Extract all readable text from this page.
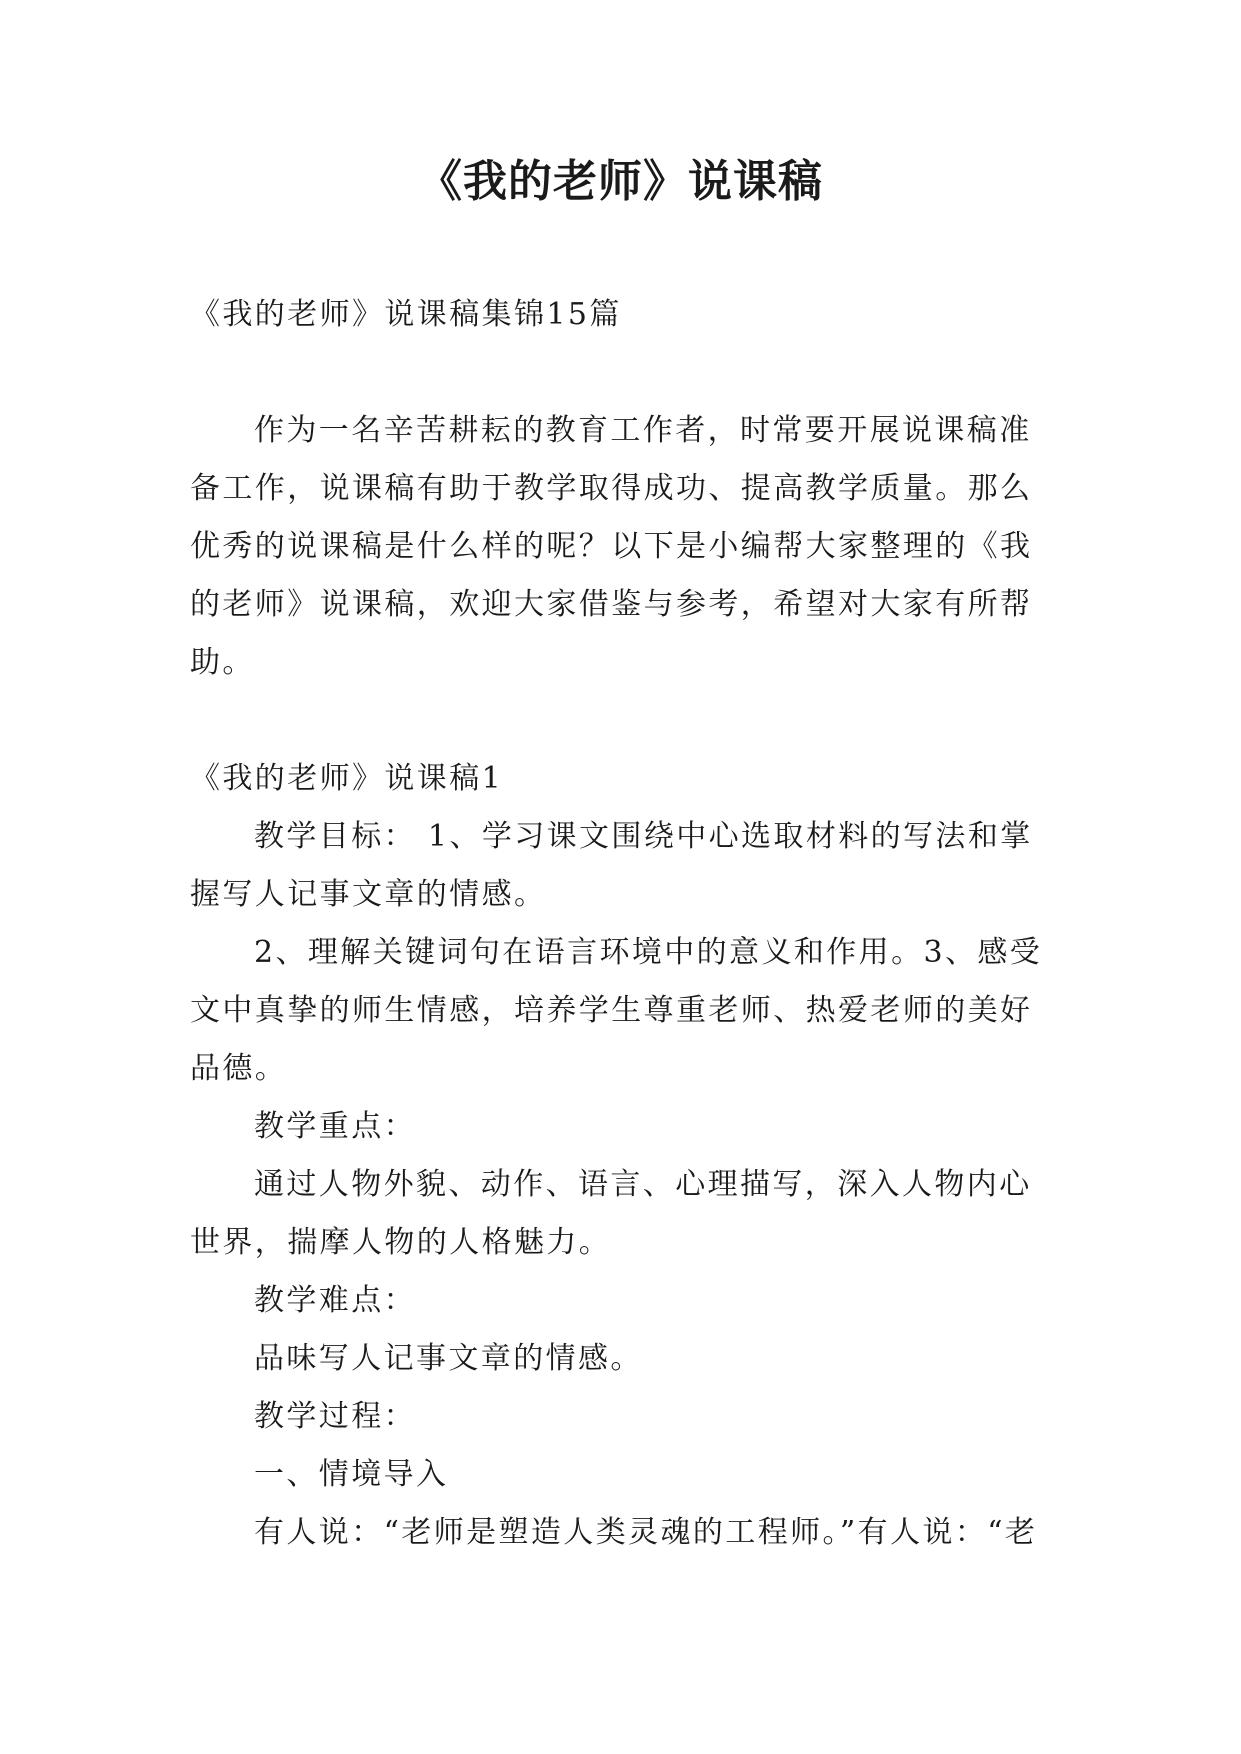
《我的老师》说课稿
《我的老师》说课稿集锦15篇
作为一名辛苦耕耘的教育工作者，时常要开展说课稿准
备工作，说课稿有助于教学取得成功、提高教学质量。那么
优秀的说课稿是什么样的呢？以下是小编帮大家整理的《我
的老师》说课稿，欢迎大家借鉴与参考，希望对大家有所帮
助。
《我的老师》说课稿1
教学目标： 1、学习课文围绕中心选取材料的写法和掌
握写人记事文章的情感。
2、理解关键词句在语言环境中的意义和作用。3、感受
文中真挚的师生情感，培养学生尊重老师、热爱老师的美好
品德。
教学重点：
通过人物外貌、动作、语言、心理描写，深入人物内心
世界，揣摩人物的人格魅力。
教学难点：
品味写人记事文章的情感。
教学过程：
一、情境导入
有人说：“老师是塑造人类灵魂的工程师。”有人说：“老
